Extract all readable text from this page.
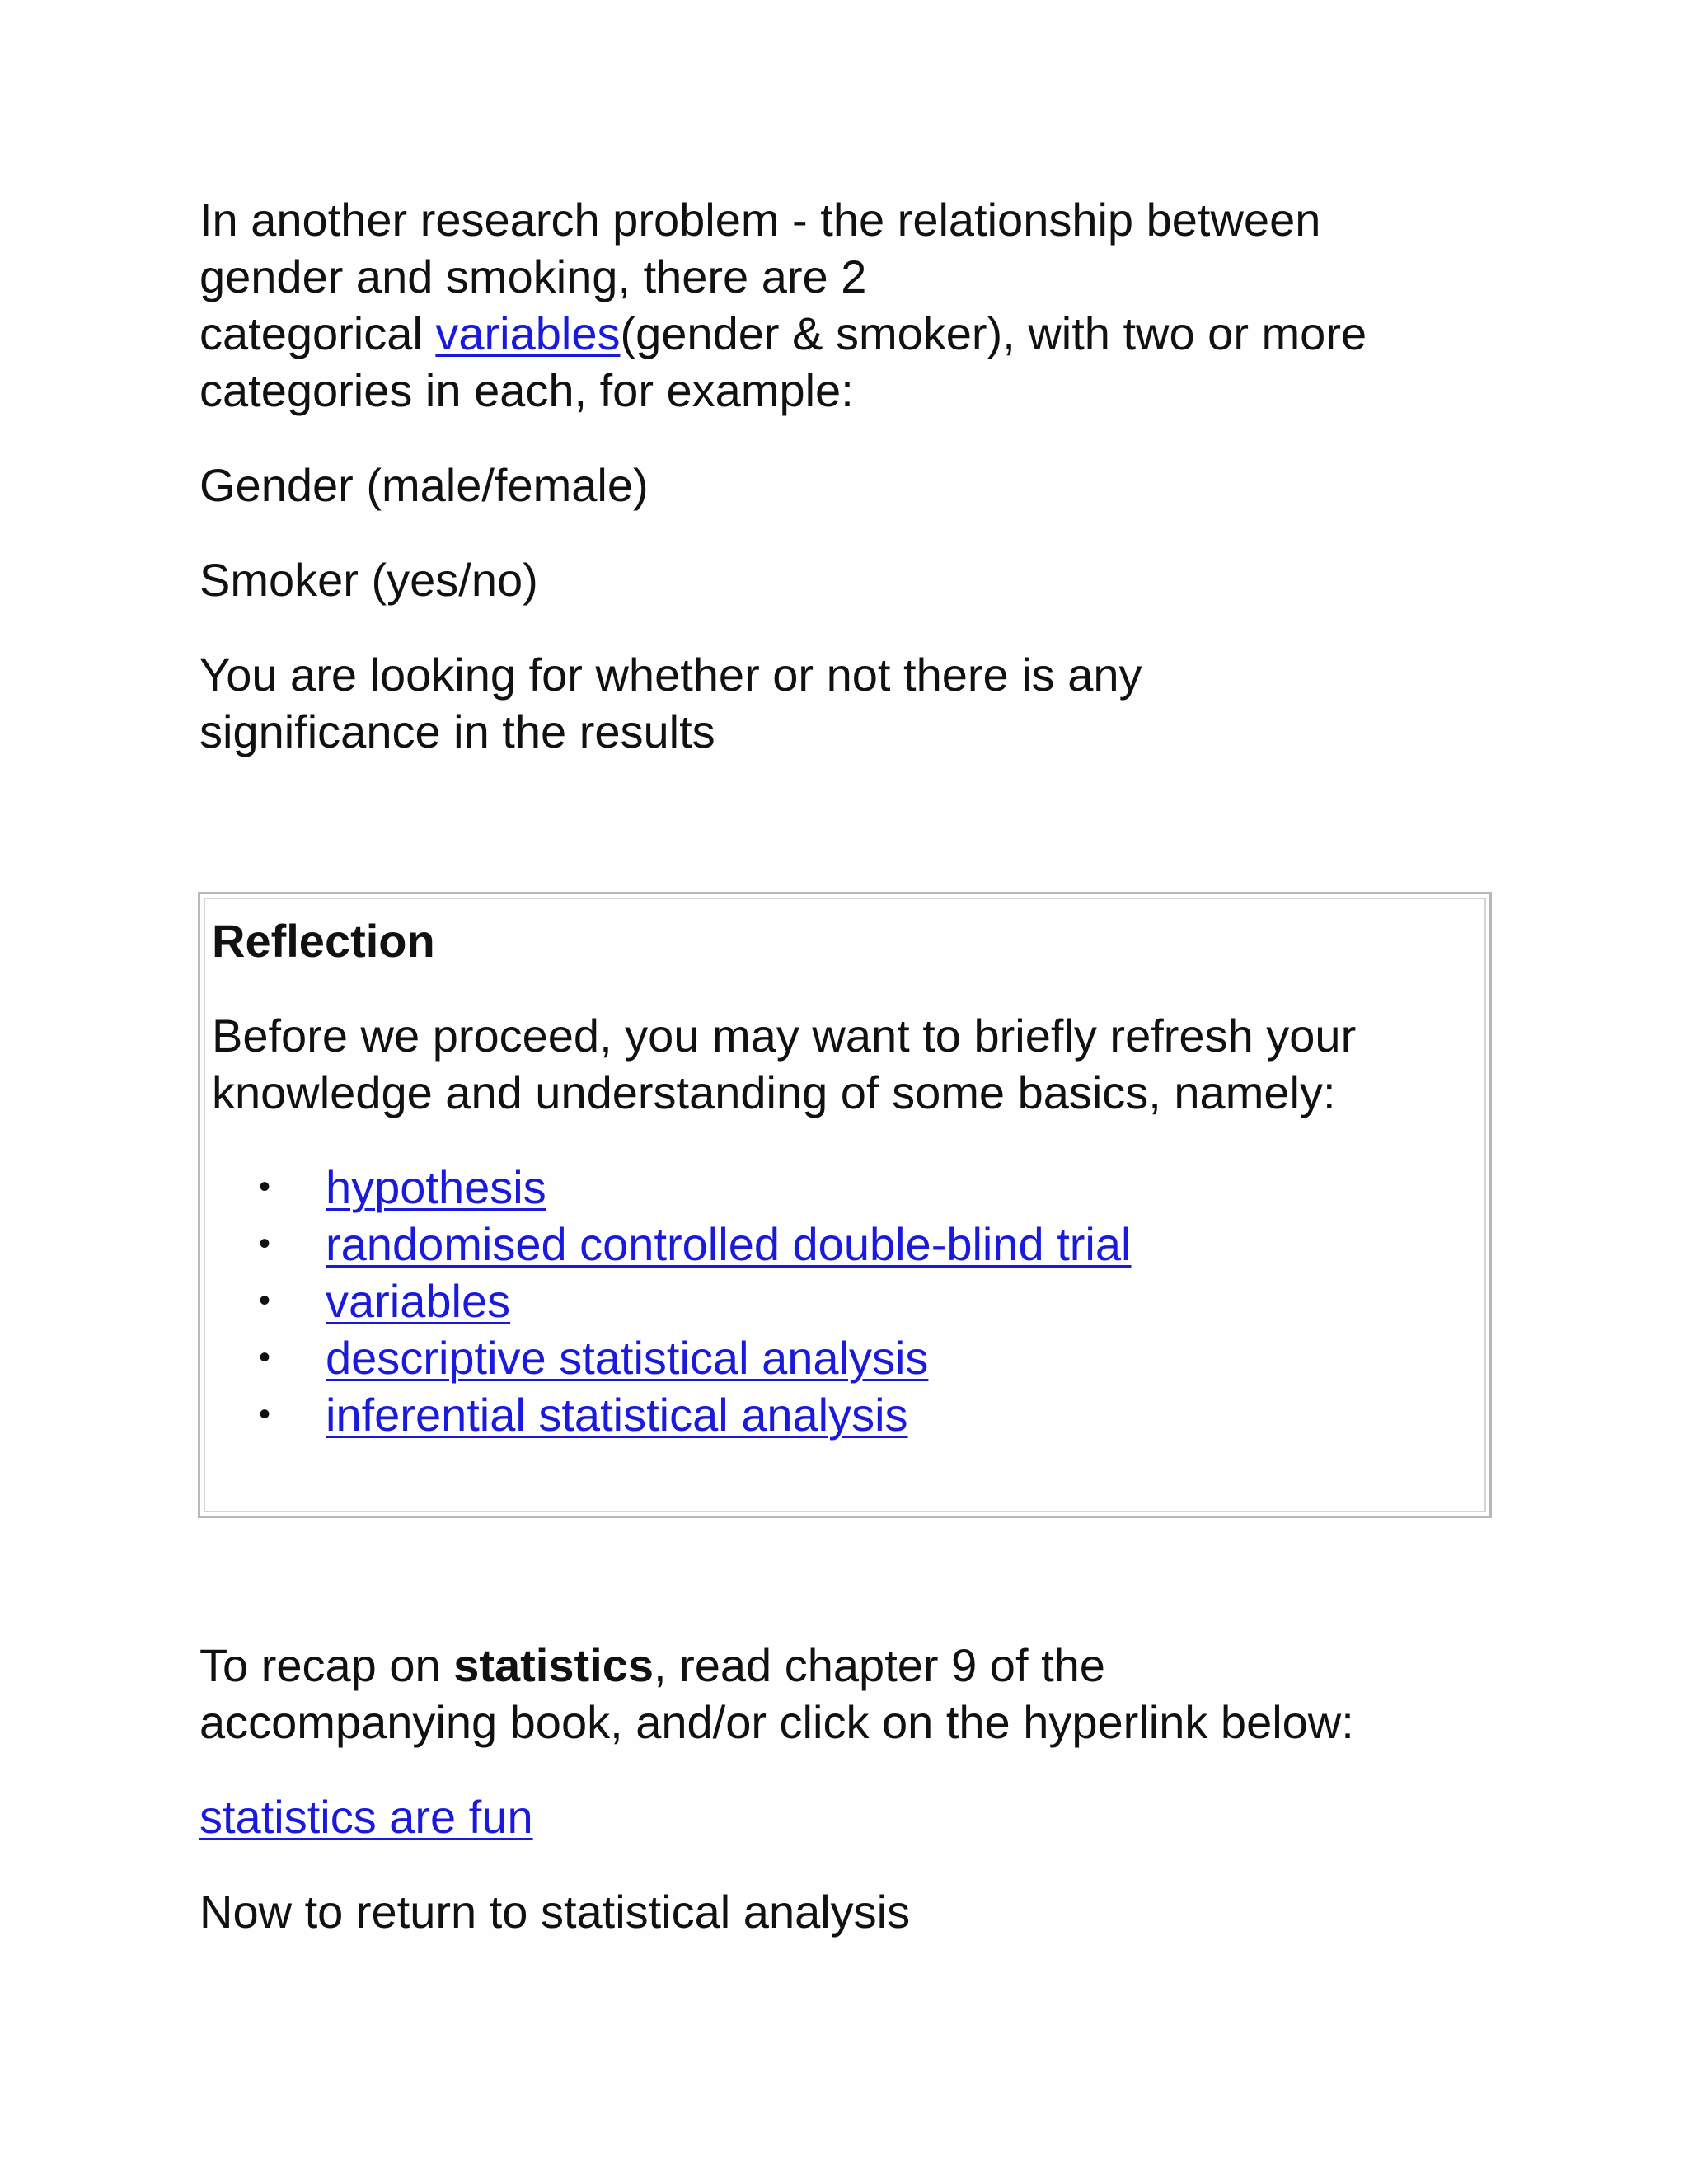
In another research problem - the relationship between
gender and smoking, there are 2
categorical variables(gender & smoker), with two or more
categories in each, for example:

Gender (male/female)

Smoker (yes/no)

You are looking for whether or not there is any
significance in the results

Reflection

Before we proceed, you may want to briefly refresh your
knowledge and understanding of some basics, namely:

• hypothesis
• randomised controlled double-blind trial
• variables
• descriptive statistical analysis
• inferential statistical analysis

To recap on statistics, read chapter 9 of the
accompanying book, and/or click on the hyperlink below:

statistics are fun

Now to return to statistical analysis
